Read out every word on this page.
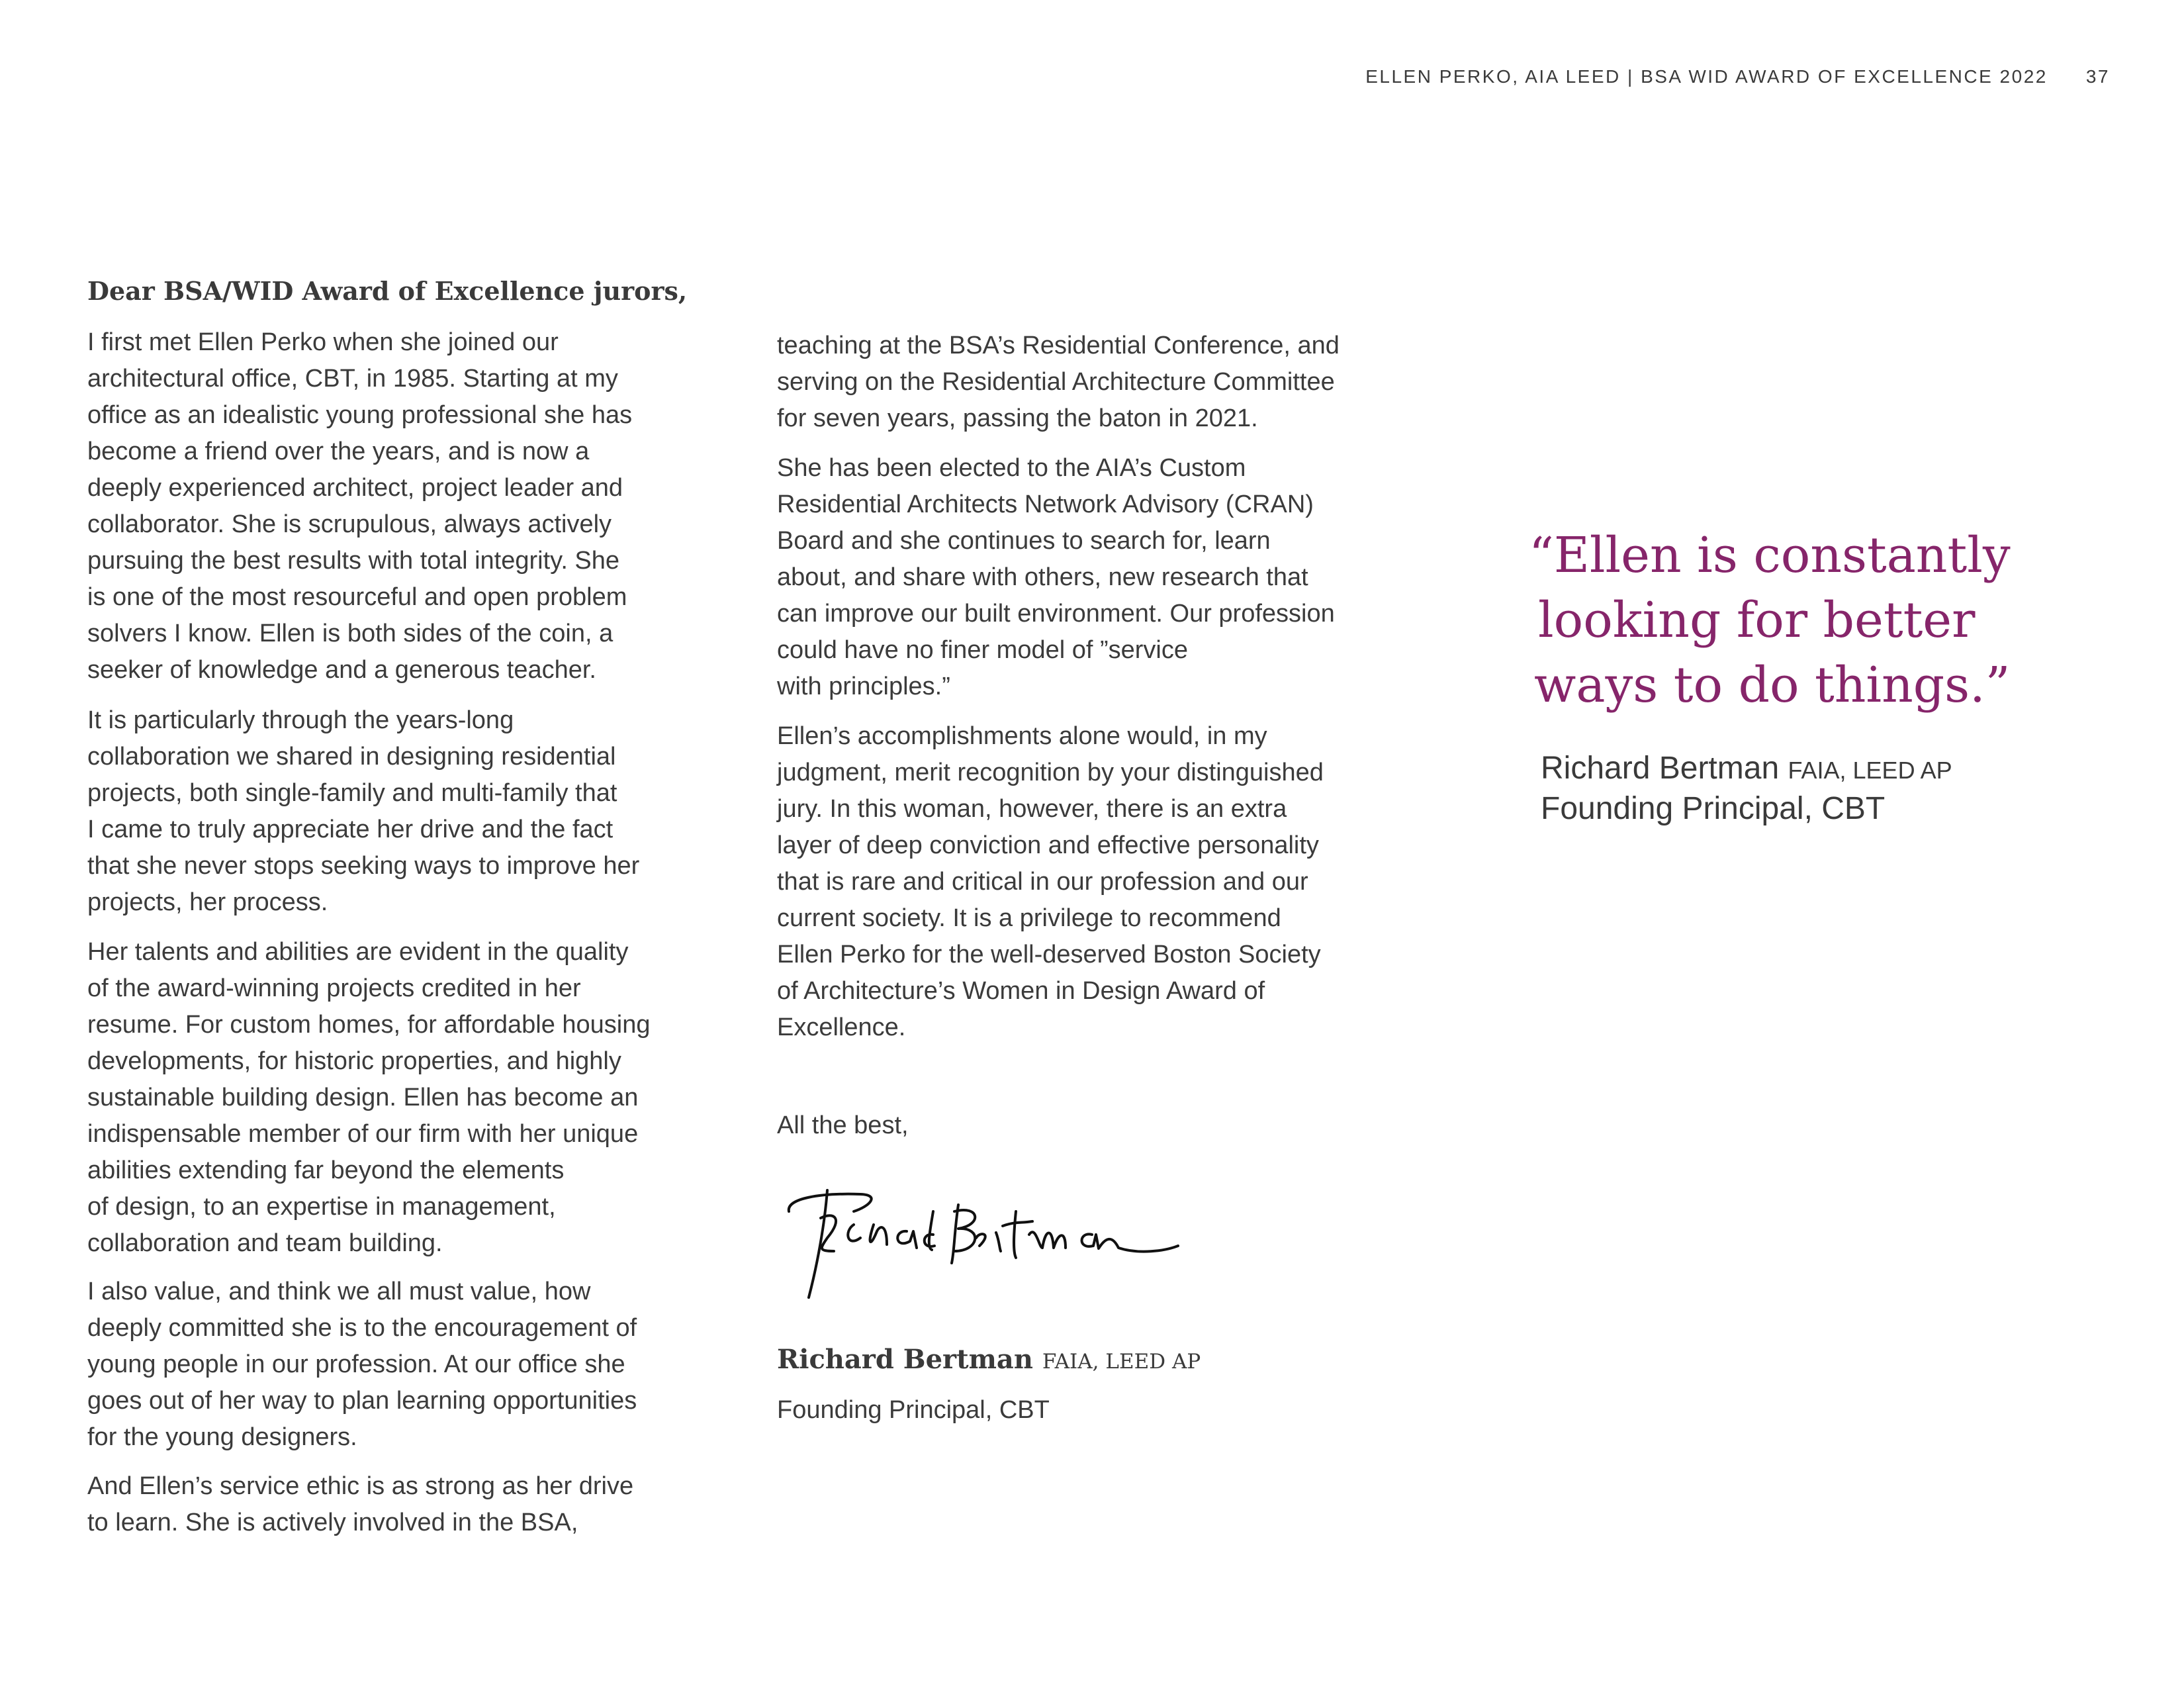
ELLEN PERKO, AIA LEED | BSA WID AWARD OF EXCELLENCE 2022 37
Dear BSA/WID Award of Excellence jurors,
I first met Ellen Perko when she joined our
architectural office, CBT, in 1985. Starting at my
office as an idealistic young professional she has
become a friend over the years, and is now a
deeply experienced architect, project leader and
collaborator. She is scrupulous, always actively
pursuing the best results with total integrity. She
is one of the most resourceful and open problem
solvers I know. Ellen is both sides of the coin, a
seeker of knowledge and a generous teacher.
It is particularly through the years-long
collaboration we shared in designing residential
projects, both single-family and multi-family that
I came to truly appreciate her drive and the fact
that she never stops seeking ways to improve her
projects, her process.
Her talents and abilities are evident in the quality
of the award-winning projects credited in her
resume. For custom homes, for affordable housing
developments, for historic properties, and highly
sustainable building design. Ellen has become an
indispensable member of our firm with her unique
abilities extending far beyond the elements
of design, to an expertise in management,
collaboration and team building.
I also value, and think we all must value, how
deeply committed she is to the encouragement of
young people in our profession. At our office she
goes out of her way to plan learning opportunities
for the young designers.
And Ellen’s service ethic is as strong as her drive
to learn. She is actively involved in the BSA,
teaching at the BSA’s Residential Conference, and
serving on the Residential Architecture Committee
for seven years, passing the baton in 2021.
She has been elected to the AIA’s Custom
Residential Architects Network Advisory (CRAN)
Board and she continues to search for, learn
about, and share with others, new research that
can improve our built environment. Our profession
could have no finer model of ”service
with principles.”
Ellen’s accomplishments alone would, in my
judgment, merit recognition by your distinguished
jury. In this woman, however, there is an extra
layer of deep conviction and effective personality
that is rare and critical in our profession and our
current society. It is a privilege to recommend
Ellen Perko for the well-deserved Boston Society
of Architecture’s Women in Design Award of
Excellence.
All the best,
Richard Bertman FAIA, LEED AP
Founding Principal, CBT
“Ellen is constantly
looking for better
ways to do things.”
Richard Bertman FAIA, LEED AP
Founding Principal, CBT
